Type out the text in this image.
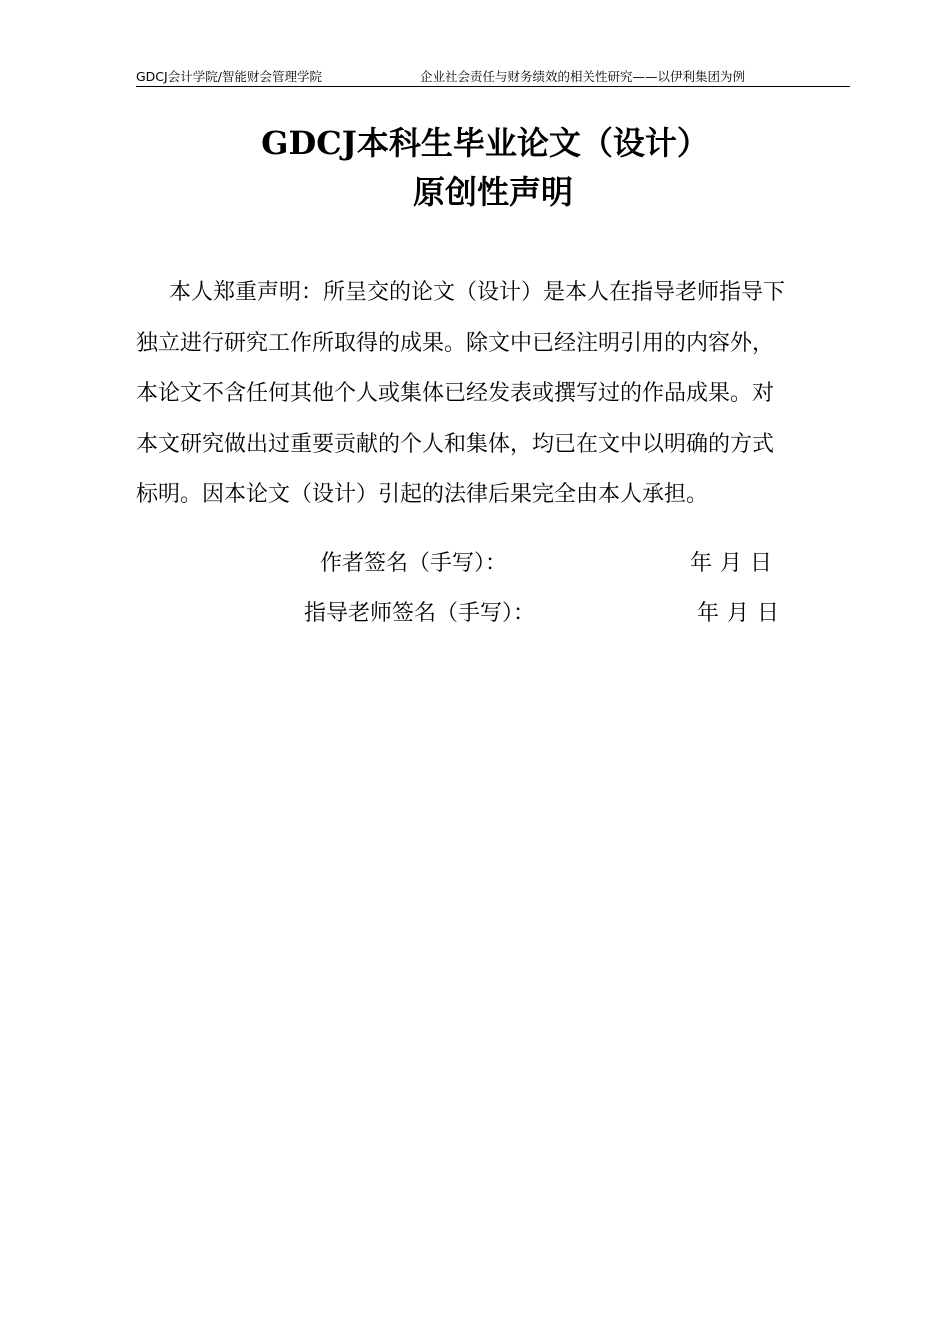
GDCJ会计学院/智能财会管理学院	企业社会责任与财务绩效的相关性研究——以伊利集团为例
GDCJ本科生毕业论文（设计）
原创性声明
本人郑重声明：所呈交的论文（设计）是本人在指导老师指导下
独立进行研究工作所取得的成果。除文中已经注明引用的内容外，
本论文不含任何其他个人或集体已经发表或撰写过的作品成果。对
本文研究做出过重要贡献的个人和集体，均已在文中以明确的方式
标明。因本论文（设计）引起的法律后果完全由本人承担。
作者签名（手写）：	年 月 日
指导老师签名（手写）：	年 月 日
